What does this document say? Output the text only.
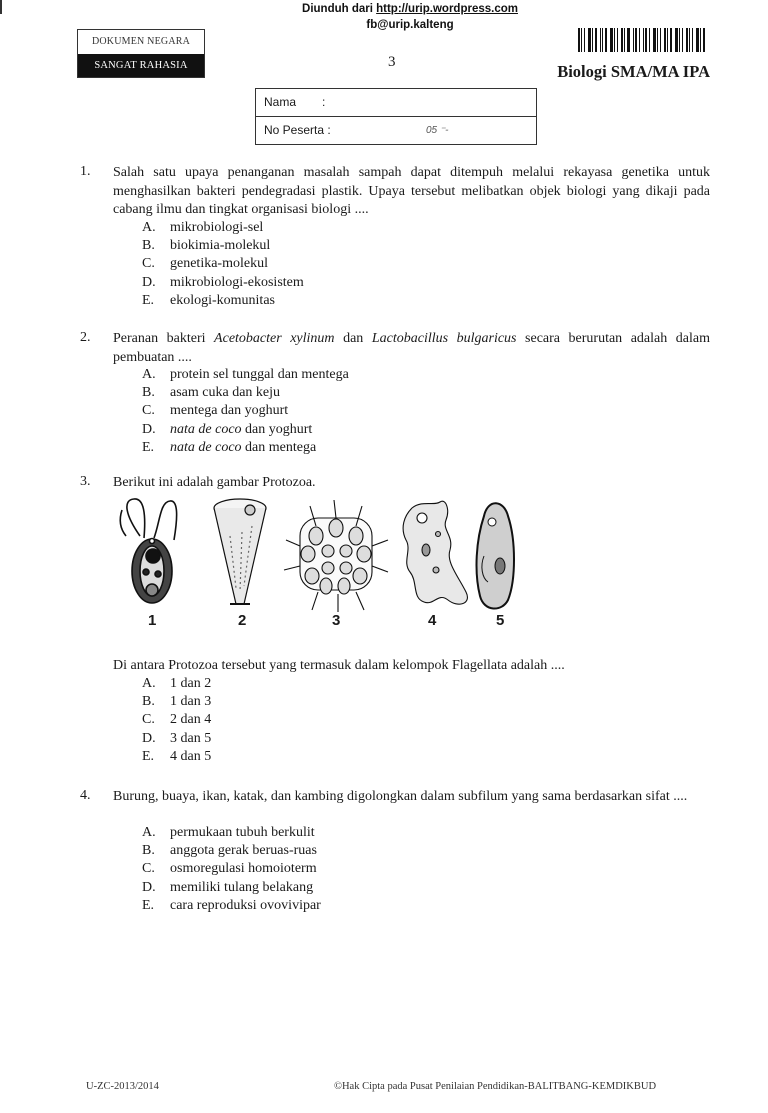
Diunduh dari http://urip.wordpress.com
fb@urip.kalteng
DOKUMEN NEGARA
SANGAT RAHASIA	3	Biologi SMA/MA IPA
Nama :
No Peserta :	05 ⁻-
1. Salah satu upaya penanganan masalah sampah dapat ditempuh melalui rekayasa genetika untuk menghasilkan bakteri pendegradasi plastik. Upaya tersebut melibatkan objek biologi yang dikaji pada cabang ilmu dan tingkat organisasi biologi ....
A.	mikrobiologi-sel
B.	biokimia-molekul
C.	genetika-molekul
D.	mikrobiologi-ekosistem
E.	ekologi-komunitas
2. Peranan bakteri Acetobacter xylinum dan Lactobacillus bulgaricus secara berurutan adalah dalam pembuatan ....
A.	protein sel tunggal dan mentega
B.	asam cuka dan keju
C.	mentega dan yoghurt
D.	nata de coco dan yoghurt
E.	nata de coco dan mentega
3. Berikut ini adalah gambar Protozoa.
1	2	3	4	5
Di antara Protozoa tersebut yang termasuk dalam kelompok Flagellata adalah ....
A.	1 dan 2
B.	1 dan 3
C.	2 dan 4
D.	3 dan 5
E.	4 dan 5
4. Burung, buaya, ikan, katak, dan kambing digolongkan dalam subfilum yang sama berdasarkan sifat ....
A.	permukaan tubuh berkulit
B.	anggota gerak beruas-ruas
C.	osmoregulasi homoioterm
D.	memiliki tulang belakang
E.	cara reproduksi ovovivipar
U-ZC-2013/2014	©Hak Cipta pada Pusat Penilaian Pendidikan-BALITBANG-KEMDIKBUD
